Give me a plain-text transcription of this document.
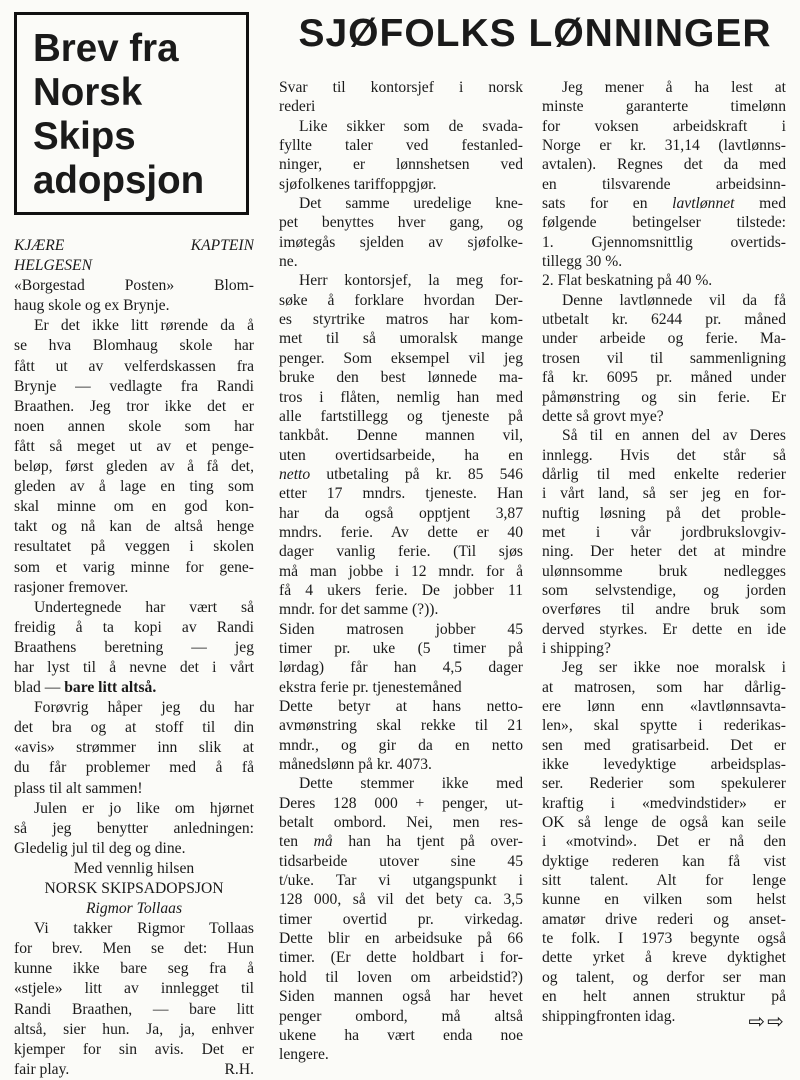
Brev fra
Norsk
Skips
adopsjon
SJØFOLKS LØNNINGER
KJÆRE KAPTEIN
HELGESEN
«Borgestad Posten» Blom-
haug skole og ex Brynje.
Er det ikke litt rørende da å
se hva Blomhaug skole har
fått ut av velferdskassen fra
Brynje — vedlagte fra Randi
Braathen. Jeg tror ikke det er
noen annen skole som har
fått så meget ut av et penge-
beløp, først gleden av å få det,
gleden av å lage en ting som
skal minne om en god kon-
takt og nå kan de altså henge
resultatet på veggen i skolen
som et varig minne for gene-
rasjoner fremover.
Undertegnede har vært så
freidig å ta kopi av Randi
Braathens beretning — jeg
har lyst til å nevne det i vårt
blad — bare litt altså.
Forøvrig håper jeg du har
det bra og at stoff til din
«avis» strømmer inn slik at
du får problemer med å få
plass til alt sammen!
Julen er jo like om hjørnet
så jeg benytter anledningen:
Gledelig jul til deg og dine.
Med vennlig hilsen
NORSK SKIPSADOPSJON
Rigmor Tollaas
Vi takker Rigmor Tollaas
for brev. Men se det: Hun
kunne ikke bare seg fra å
«stjele» litt av innlegget til
Randi Braathen, — bare litt
altså, sier hun. Ja, ja, enhver
kjemper for sin avis. Det er
fair play.	R.H.
Svar til kontorsjef i norsk
rederi
Like sikker som de svada-
fyllte taler ved festanled-
ninger, er lønnshetsen ved
sjøfolkenes tariffoppgjør.
Det samme uredelige kne-
pet benyttes hver gang, og
imøtegås sjelden av sjøfolke-
ne.
Herr kontorsjef, la meg for-
søke å forklare hvordan Der-
es styrtrike matros har kom-
met til så umoralsk mange
penger. Som eksempel vil jeg
bruke den best lønnede ma-
tros i flåten, nemlig han med
alle fartstillegg og tjeneste på
tankbåt. Denne mannen vil,
uten overtidsarbeide, ha en
netto utbetaling på kr. 85 546
etter 17 mndrs. tjeneste. Han
har da også opptjent 3,87
mndrs. ferie. Av dette er 40
dager vanlig ferie. (Til sjøs
må man jobbe i 12 mndr. for å
få 4 ukers ferie. De jobber 11
mndr. for det samme (?)).
Siden matrosen jobber 45
timer pr. uke (5 timer på
lørdag) får han 4,5 dager
ekstra ferie pr. tjenestemåned
Dette betyr at hans netto-
avmønstring skal rekke til 21
mndr., og gir da en netto
månedslønn på kr. 4073.
Dette stemmer ikke med
Deres 128 000 + penger, ut-
betalt ombord. Nei, men res-
ten må han ha tjent på over-
tidsarbeide utover sine 45
t/uke. Tar vi utgangspunkt i
128 000, så vil det bety ca. 3,5
timer overtid pr. virkedag.
Dette blir en arbeidsuke på 66
timer. (Er dette holdbart i for-
hold til loven om arbeidstid?)
Siden mannen også har hevet
penger ombord, må altså
ukene ha vært enda noe
lengere.
Jeg mener å ha lest at
minste garanterte timelønn
for voksen arbeidskraft i
Norge er kr. 31,14 (lavtlønns-
avtalen). Regnes det da med
en tilsvarende arbeidsinn-
sats for en lavtlønnet med
følgende betingelser tilstede:
1. Gjennomsnittlig overtids-
tillegg 30 %.
2. Flat beskatning på 40 %.
Denne lavtlønnede vil da få
utbetalt kr. 6244 pr. måned
under arbeide og ferie. Ma-
trosen vil til sammenligning
få kr. 6095 pr. måned under
påmønstring og sin ferie. Er
dette så grovt mye?
Så til en annen del av Deres
innlegg. Hvis det står så
dårlig til med enkelte rederier
i vårt land, så ser jeg en for-
nuftig løsning på det proble-
met i vår jordbrukslovgiv-
ning. Der heter det at mindre
ulønnsomme bruk nedlegges
som selvstendige, og jorden
overføres til andre bruk som
derved styrkes. Er dette en ide
i shipping?
Jeg ser ikke noe moralsk i
at matrosen, som har dårlig-
ere lønn enn «lavtlønnsavta-
len», skal spytte i rederikas-
sen med gratisarbeid. Det er
ikke levedyktige arbeidsplas-
ser. Rederier som spekulerer
kraftig i «medvindstider» er
OK så lenge de også kan seile
i «motvind». Det er nå den
dyktige rederen kan få vist
sitt talent. Alt for lenge
kunne en vilken som helst
amatør drive rederi og anset-
te folk. I 1973 begynte også
dette yrket å kreve dyktighet
og talent, og derfor ser man
en helt annen struktur på
shippingfronten idag.	⇨⇨
